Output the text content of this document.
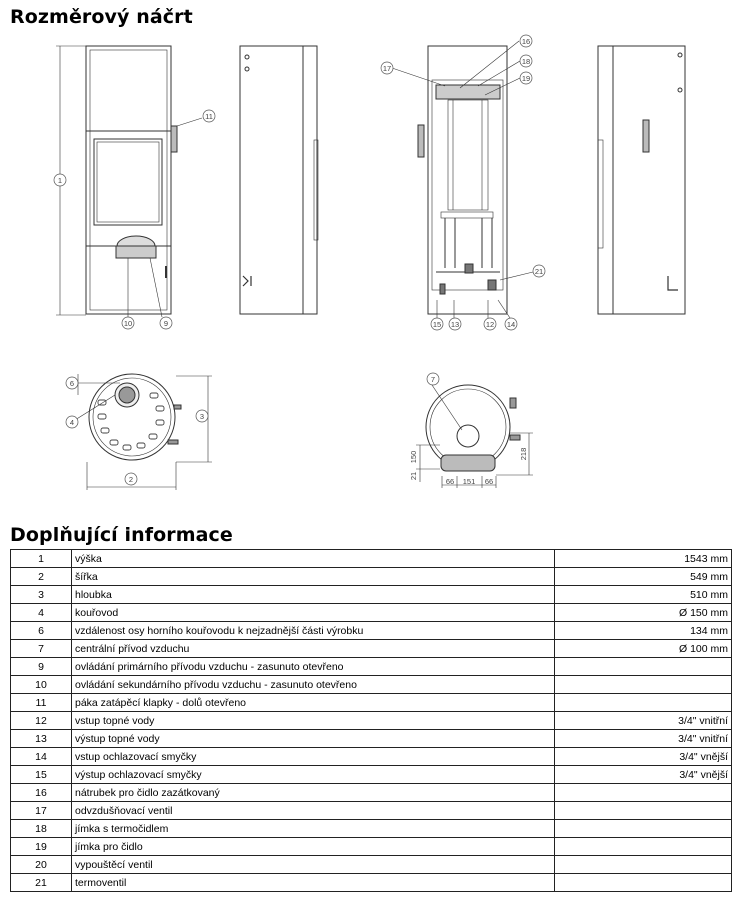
Rozměrový náčrt
1
11
10	9
16
17
18
19
21
15 13	12 14
6
4
3
2
7
150
21
218
66 151 66
Doplňující informace
1	výška	1543 mm
2	šířka	549 mm
3	hloubka	510 mm
4	kouřovod	Ø 150 mm
6	vzdálenost osy horního kouřovodu k nejzadnější části výrobku	134 mm
7	centrální přívod vzduchu	Ø 100 mm
9	ovládání primárního přívodu vzduchu - zasunuto otevřeno	
10	ovládání sekundárního přívodu vzduchu - zasunuto otevřeno	
11	páka zatápěcí klapky - dolů otevřeno	
12	vstup topné vody	3/4" vnitřní
13	výstup topné vody	3/4" vnitřní
14	vstup ochlazovací smyčky	3/4" vnější
15	výstup ochlazovací smyčky	3/4" vnější
16	nátrubek pro čidlo zazátkovaný	
17	odvzdušňovací ventil	
18	jímka s termočidlem	
19	jímka pro čidlo	
20	vypouštěcí ventil	
21	termoventil	
